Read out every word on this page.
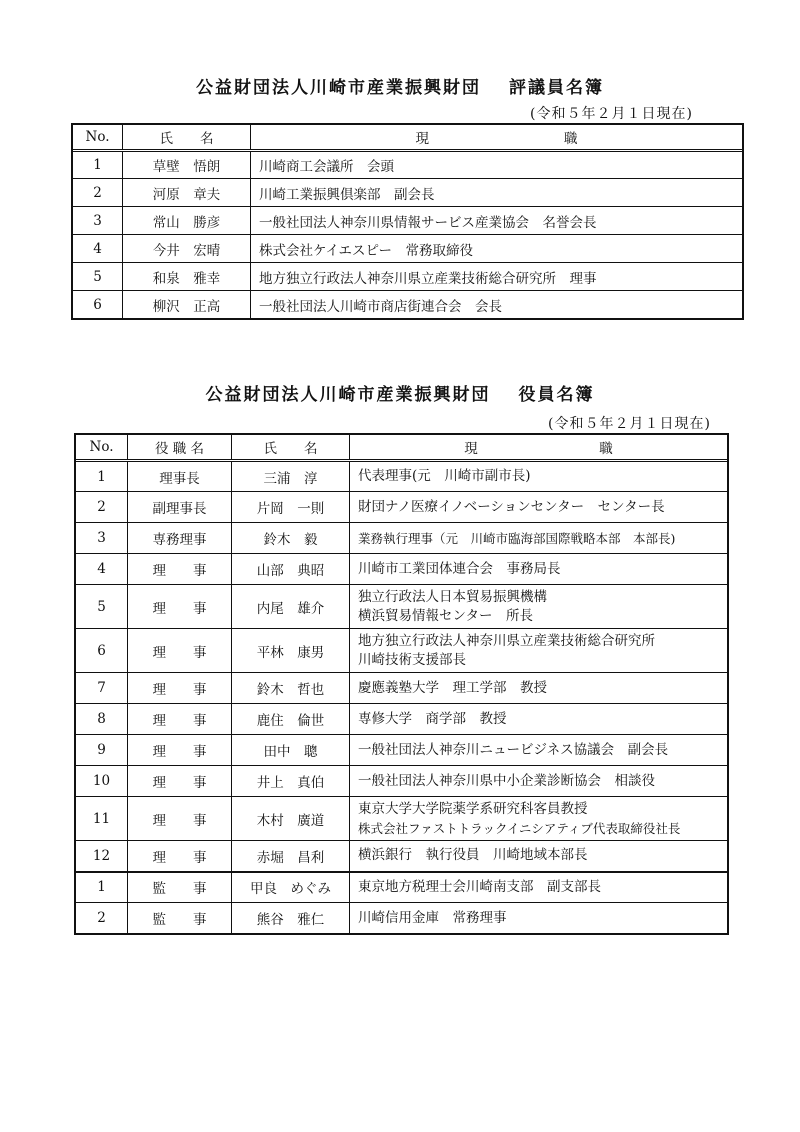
公益財団法人川崎市産業振興財団 評議員名簿
(令和５年２月１日現在)
No.	氏　　名	現　　　　　　　　　　職
1	草壁　悟朗	川崎商工会議所　会頭
2	河原　章夫	川崎工業振興倶楽部　副会長
3	常山　勝彦	一般社団法人神奈川県情報サービス産業協会　名誉会長
4	今井　宏晴	株式会社ケイエスピー　常務取締役
5	和泉　雅幸	地方独立行政法人神奈川県立産業技術総合研究所　理事
6	柳沢　正高	一般社団法人川崎市商店街連合会　会長
公益財団法人川崎市産業振興財団 役員名簿
(令和５年２月１日現在)
No.	役 職 名	氏　　名	現　　　　　　　　　職
1	理事長	三浦　淳	代表理事(元　川崎市副市長)

2	副理事長	片岡　一則	財団ナノ医療イノベーションセンター　センター長

3	専務理事	鈴木　毅	業務執行理事（元　川崎市臨海部国際戦略本部　本部長)

4	理　　事	山部　典昭	川崎市工業団体連合会　事務局長

5	理　　事	内尾　雄介	独立行政法人日本貿易振興機構
横浜貿易情報センター　所長

6	理　　事	平林　康男	地方独立行政法人神奈川県立産業技術総合研究所
川崎技術支援部長

7	理　　事	鈴木　哲也	慶應義塾大学　理工学部　教授

8	理　　事	鹿住　倫世	専修大学　商学部　教授

9	理　　事	田中　聰	一般社団法人神奈川ニュービジネス協議会　副会長

10	理　　事	井上　真伯	一般社団法人神奈川県中小企業診断協会　相談役

11	理　　事	木村　廣道	東京大学大学院薬学系研究科客員教授
株式会社ファストトラックイニシアティブ代表取締役社長

12	理　　事	赤堀　昌利	横浜銀行　執行役員　川崎地域本部長

1	監　　事	甲良　めぐみ	東京地方税理士会川崎南支部　副支部長

2	監　　事	熊谷　雅仁	川崎信用金庫　常務理事
